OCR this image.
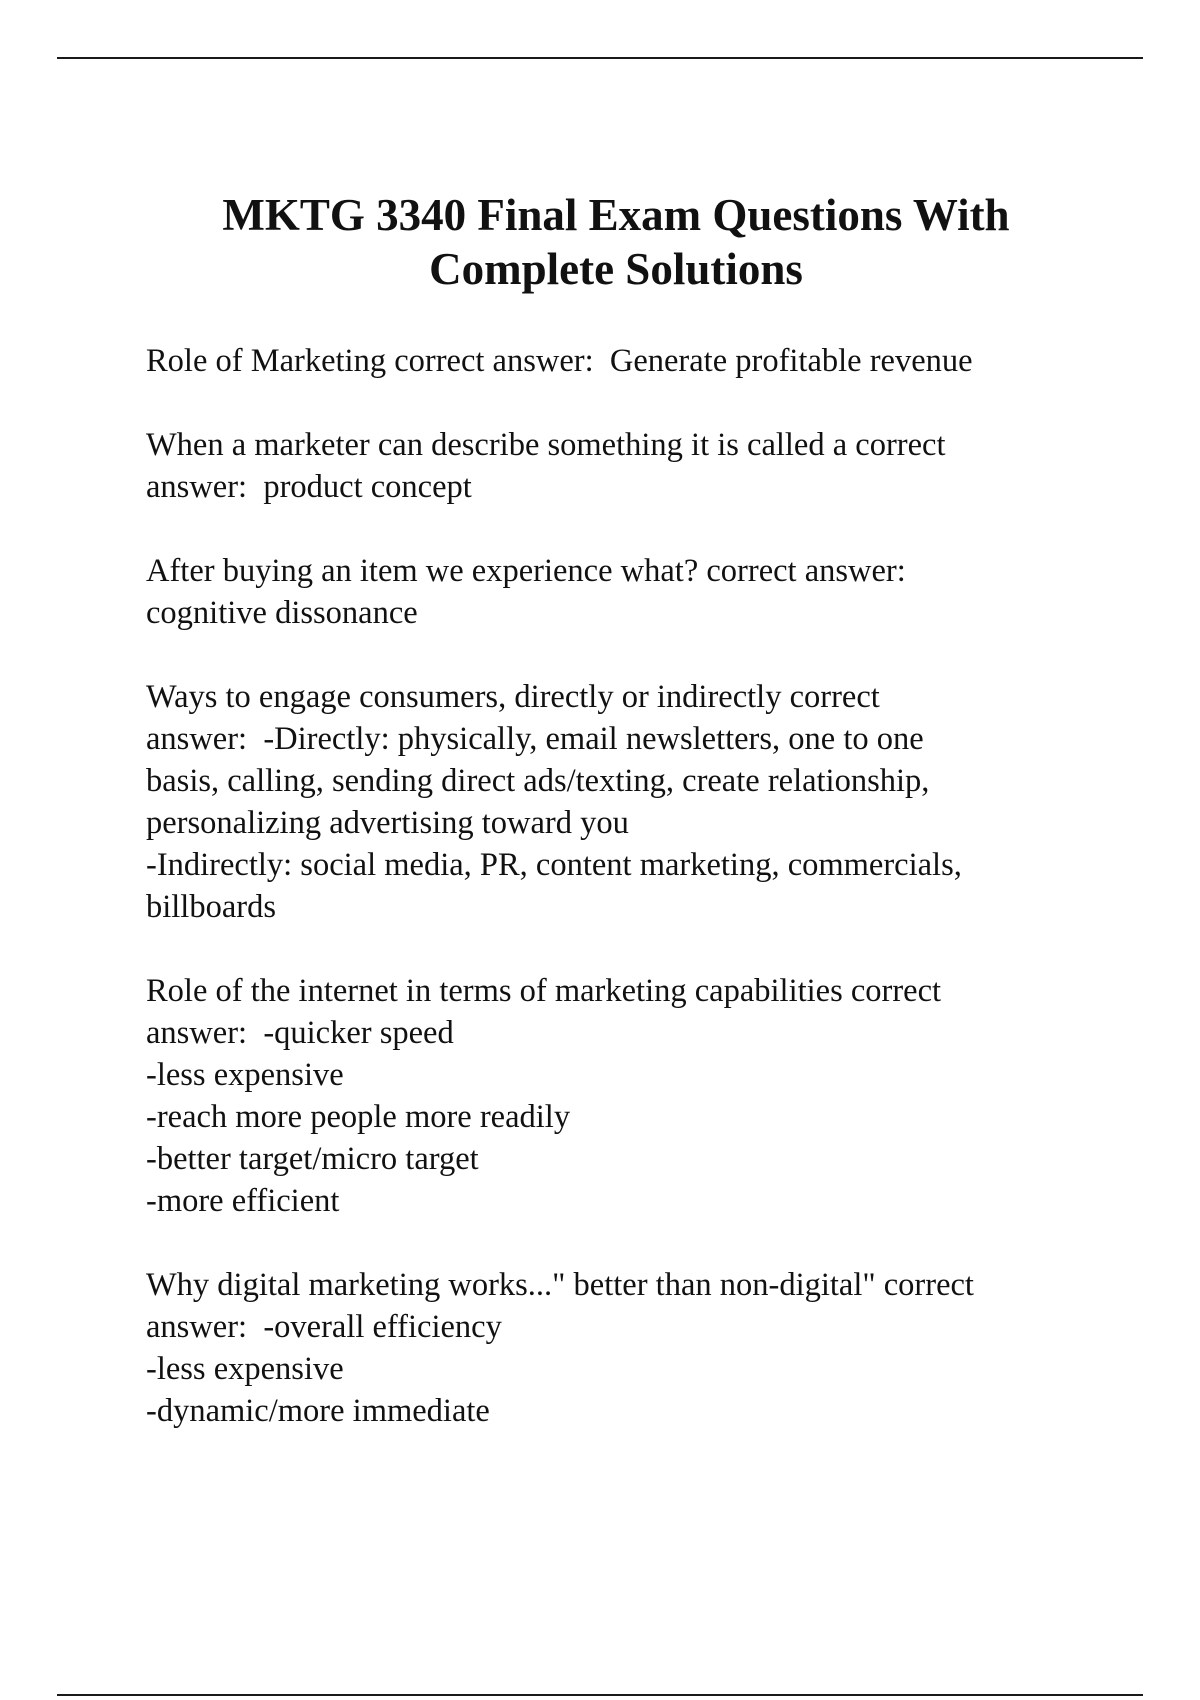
MKTG 3340 Final Exam Questions With
Complete Solutions

Role of Marketing correct answer:  Generate profitable revenue

When a marketer can describe something it is called a correct
answer:  product concept

After buying an item we experience what? correct answer:
cognitive dissonance

Ways to engage consumers, directly or indirectly correct
answer:  -Directly: physically, email newsletters, one to one
basis, calling, sending direct ads/texting, create relationship,
personalizing advertising toward you
-Indirectly: social media, PR, content marketing, commercials,
billboards

Role of the internet in terms of marketing capabilities correct
answer:  -quicker speed
-less expensive
-reach more people more readily
-better target/micro target
-more efficient

Why digital marketing works..." better than non-digital" correct
answer:  -overall efficiency
-less expensive
-dynamic/more immediate
